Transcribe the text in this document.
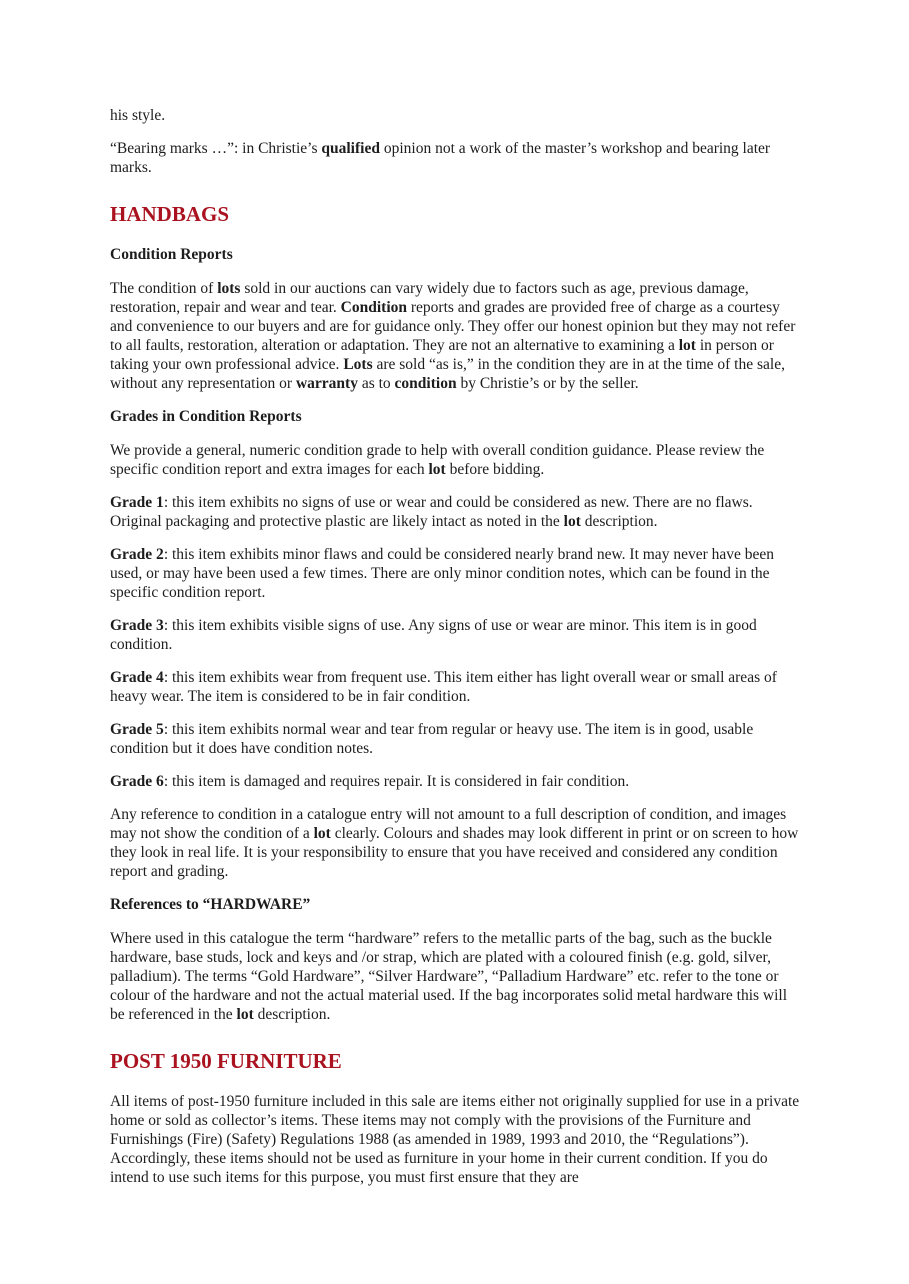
his style.

“Bearing marks …”: in Christie’s qualified opinion not a work of the master’s workshop and bearing later marks.

HANDBAGS
Condition Reports

The condition of lots sold in our auctions can vary widely due to factors such as age, previous damage, restoration, repair and wear and tear. Condition reports and grades are provided free of charge as a courtesy and convenience to our buyers and are for guidance only. They offer our honest opinion but they may not refer to all faults, restoration, alteration or adaptation. They are not an alternative to examining a lot in person or taking your own professional advice. Lots are sold “as is,” in the condition they are in at the time of the sale, without any representation or warranty as to condition by Christie’s or by the seller.

Grades in Condition Reports

We provide a general, numeric condition grade to help with overall condition guidance. Please review the specific condition report and extra images for each lot before bidding.

Grade 1: this item exhibits no signs of use or wear and could be considered as new. There are no flaws. Original packaging and protective plastic are likely intact as noted in the lot description.

Grade 2: this item exhibits minor flaws and could be considered nearly brand new. It may never have been used, or may have been used a few times. There are only minor condition notes, which can be found in the specific condition report.

Grade 3: this item exhibits visible signs of use. Any signs of use or wear are minor. This item is in good condition.

Grade 4: this item exhibits wear from frequent use. This item either has light overall wear or small areas of heavy wear. The item is considered to be in fair condition.

Grade 5: this item exhibits normal wear and tear from regular or heavy use. The item is in good, usable condition but it does have condition notes.

Grade 6: this item is damaged and requires repair. It is considered in fair condition.

Any reference to condition in a catalogue entry will not amount to a full description of condition, and images may not show the condition of a lot clearly. Colours and shades may look different in print or on screen to how they look in real life. It is your responsibility to ensure that you have received and considered any condition report and grading.

References to “HARDWARE”

Where used in this catalogue the term “hardware” refers to the metallic parts of the bag, such as the buckle hardware, base studs, lock and keys and /or strap, which are plated with a coloured finish (e.g. gold, silver, palladium). The terms “Gold Hardware”, “Silver Hardware”, “Palladium Hardware” etc. refer to the tone or colour of the hardware and not the actual material used. If the bag incorporates solid metal hardware this will be referenced in the lot description.

POST 1950 FURNITURE

All items of post-1950 furniture included in this sale are items either not originally supplied for use in a private home or sold as collector’s items. These items may not comply with the provisions of the Furniture and Furnishings (Fire) (Safety) Regulations 1988 (as amended in 1989, 1993 and 2010, the “Regulations”). Accordingly, these items should not be used as furniture in your home in their current condition. If you do intend to use such items for this purpose, you must first ensure that they are
